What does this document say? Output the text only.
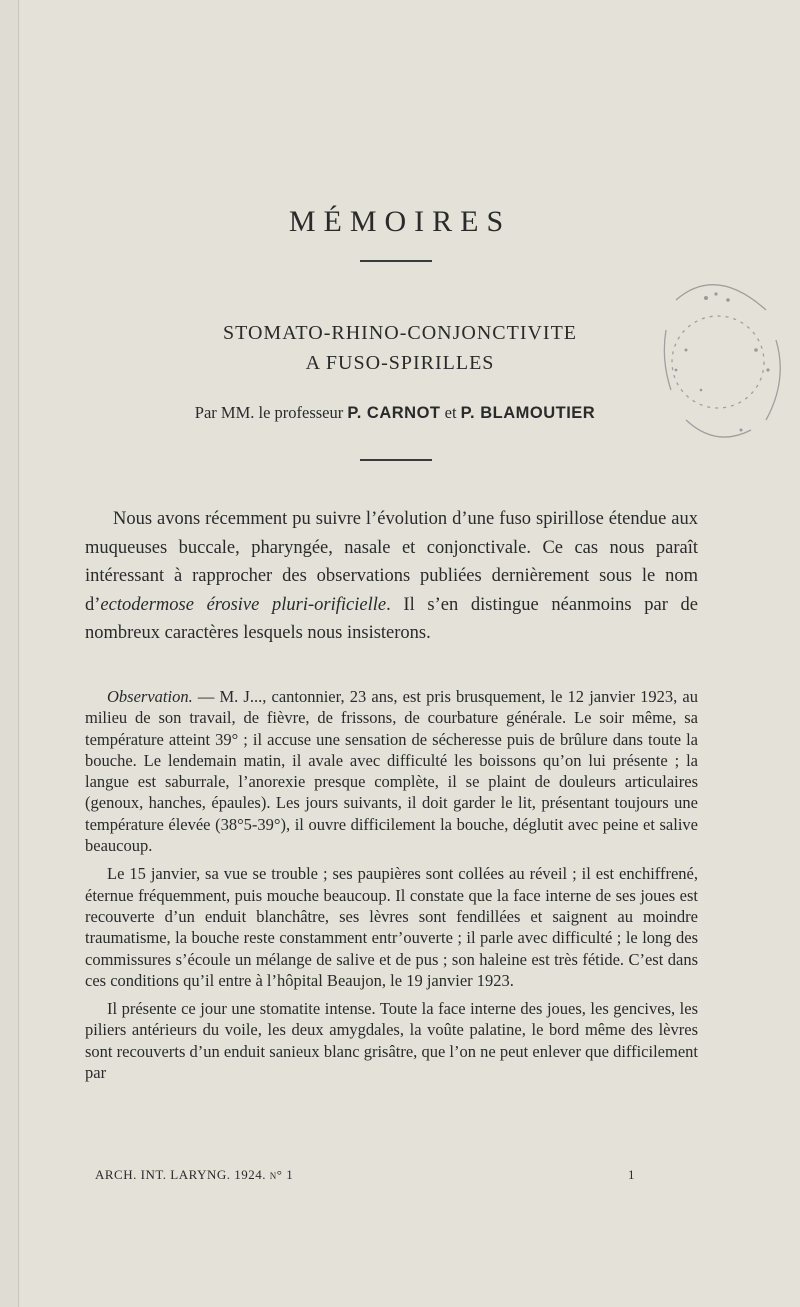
MÉMOIRES
STOMATO-RHINO-CONJONCTIVITE
A FUSO-SPIRILLES
Par MM. le professeur P. CARNOT et P. BLAMOUTIER

Nous avons récemment pu suivre l’évolution d’une fuso spirillose étendue aux muqueuses buccale, pharyngée, nasale et conjonctivale. Ce cas nous paraît intéressant à rapprocher des observations publiées dernièrement sous le nom d’ectodermose érosive pluri-orificielle. Il s’en distingue néanmoins par de nombreux caractères lesquels nous insisterons.

Observation. — M. J..., cantonnier, 23 ans, est pris brusquement, le 12 janvier 1923, au milieu de son travail, de fièvre, de frissons, de courbature générale. Le soir même, sa température atteint 39° ; il accuse une sensation de sécheresse puis de brûlure dans toute la bouche. Le lendemain matin, il avale avec difficulté les boissons qu’on lui présente ; la langue est saburrale, l’anorexie presque complète, il se plaint de douleurs articulaires (genoux, hanches, épaules). Les jours suivants, il doit garder le lit, présentant toujours une température élevée (38°5-39°), il ouvre difficilement la bouche, déglutit avec peine et salive beaucoup.

Le 15 janvier, sa vue se trouble ; ses paupières sont collées au réveil ; il est enchiffrené, éternue fréquemment, puis mouche beaucoup. Il constate que la face interne de ses joues est recouverte d’un enduit blanchâtre, ses lèvres sont fendillées et saignent au moindre traumatisme, la bouche reste constamment entr’ouverte ; il parle avec difficulté ; le long des commissures s’écoule un mélange de salive et de pus ; son haleine est très fétide. C’est dans ces conditions qu’il entre à l’hôpital Beaujon, le 19 janvier 1923.

Il présente ce jour une stomatite intense. Toute la face interne des joues, les gencives, les piliers antérieurs du voile, les deux amygdales, la voûte palatine, le bord même des lèvres sont recouverts d’un enduit sanieux blanc grisâtre, que l’on ne peut enlever que difficilement par

ARCH. INT. LARYNG. 1924. n° 1	1
